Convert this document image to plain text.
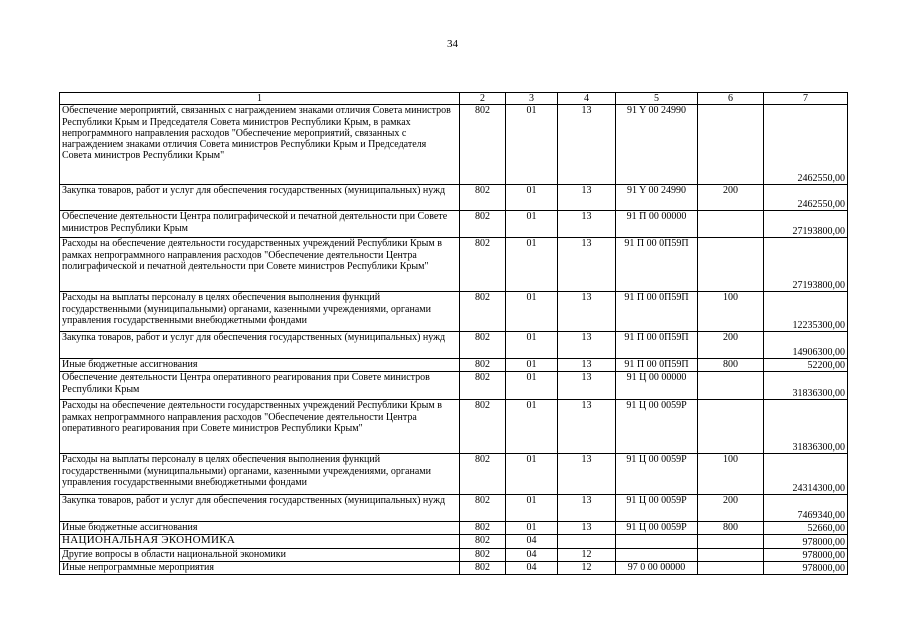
34
1	2	3	4	5	6	7
Обеспечение мероприятий, связанных с награждением знаками отличия Совета министров Республики Крым и Председателя Совета министров Республики Крым, в рамках непрограммного направления расходов "Обеспечение мероприятий, связанных с награждением знаками отличия Совета министров Республики Крым и Председателя Совета министров Республики Крым"	802	01	13	91 Y 00 24990		2462550,00
Закупка товаров, работ и услуг для обеспечения государственных (муниципальных) нужд	802	01	13	91 Y 00 24990	200	2462550,00
Обеспечение деятельности Центра полиграфической и печатной деятельности при Совете министров Республики Крым	802	01	13	91 П 00 00000		27193800,00
Расходы на обеспечение деятельности государственных учреждений Республики Крым в рамках непрограммного направления расходов "Обеспечение деятельности Центра полиграфической и печатной деятельности при Совете министров Республики Крым"	802	01	13	91 П 00 0П59П		27193800,00
Расходы на выплаты персоналу в целях обеспечения выполнения функций государственными (муниципальными) органами, казенными учреждениями, органами управления государственными внебюджетными фондами	802	01	13	91 П 00 0П59П	100	12235300,00
Закупка товаров, работ и услуг для обеспечения государственных (муниципальных) нужд	802	01	13	91 П 00 0П59П	200	14906300,00
Иные бюджетные ассигнования	802	01	13	91 П 00 0П59П	800	52200,00
Обеспечение деятельности Центра оперативного реагирования при Совете министров Республики Крым	802	01	13	91 Ц 00 00000		31836300,00
Расходы на обеспечение деятельности государственных учреждений Республики Крым в рамках непрограммного направления расходов "Обеспечение деятельности Центра оперативного реагирования при Совете министров Республики Крым"	802	01	13	91 Ц 00 0059Р		31836300,00
Расходы на выплаты персоналу в целях обеспечения выполнения функций государственными (муниципальными) органами, казенными учреждениями, органами управления государственными внебюджетными фондами	802	01	13	91 Ц 00 0059Р	100	24314300,00
Закупка товаров, работ и услуг для обеспечения государственных (муниципальных) нужд	802	01	13	91 Ц 00 0059Р	200	7469340,00
Иные бюджетные ассигнования	802	01	13	91 Ц 00 0059Р	800	52660,00
НАЦИОНАЛЬНАЯ ЭКОНОМИКА	802	04				978000,00
Другие вопросы в области национальной экономики	802	04	12			978000,00
Иные непрограммные мероприятия	802	04	12	97 0 00 00000		978000,00
